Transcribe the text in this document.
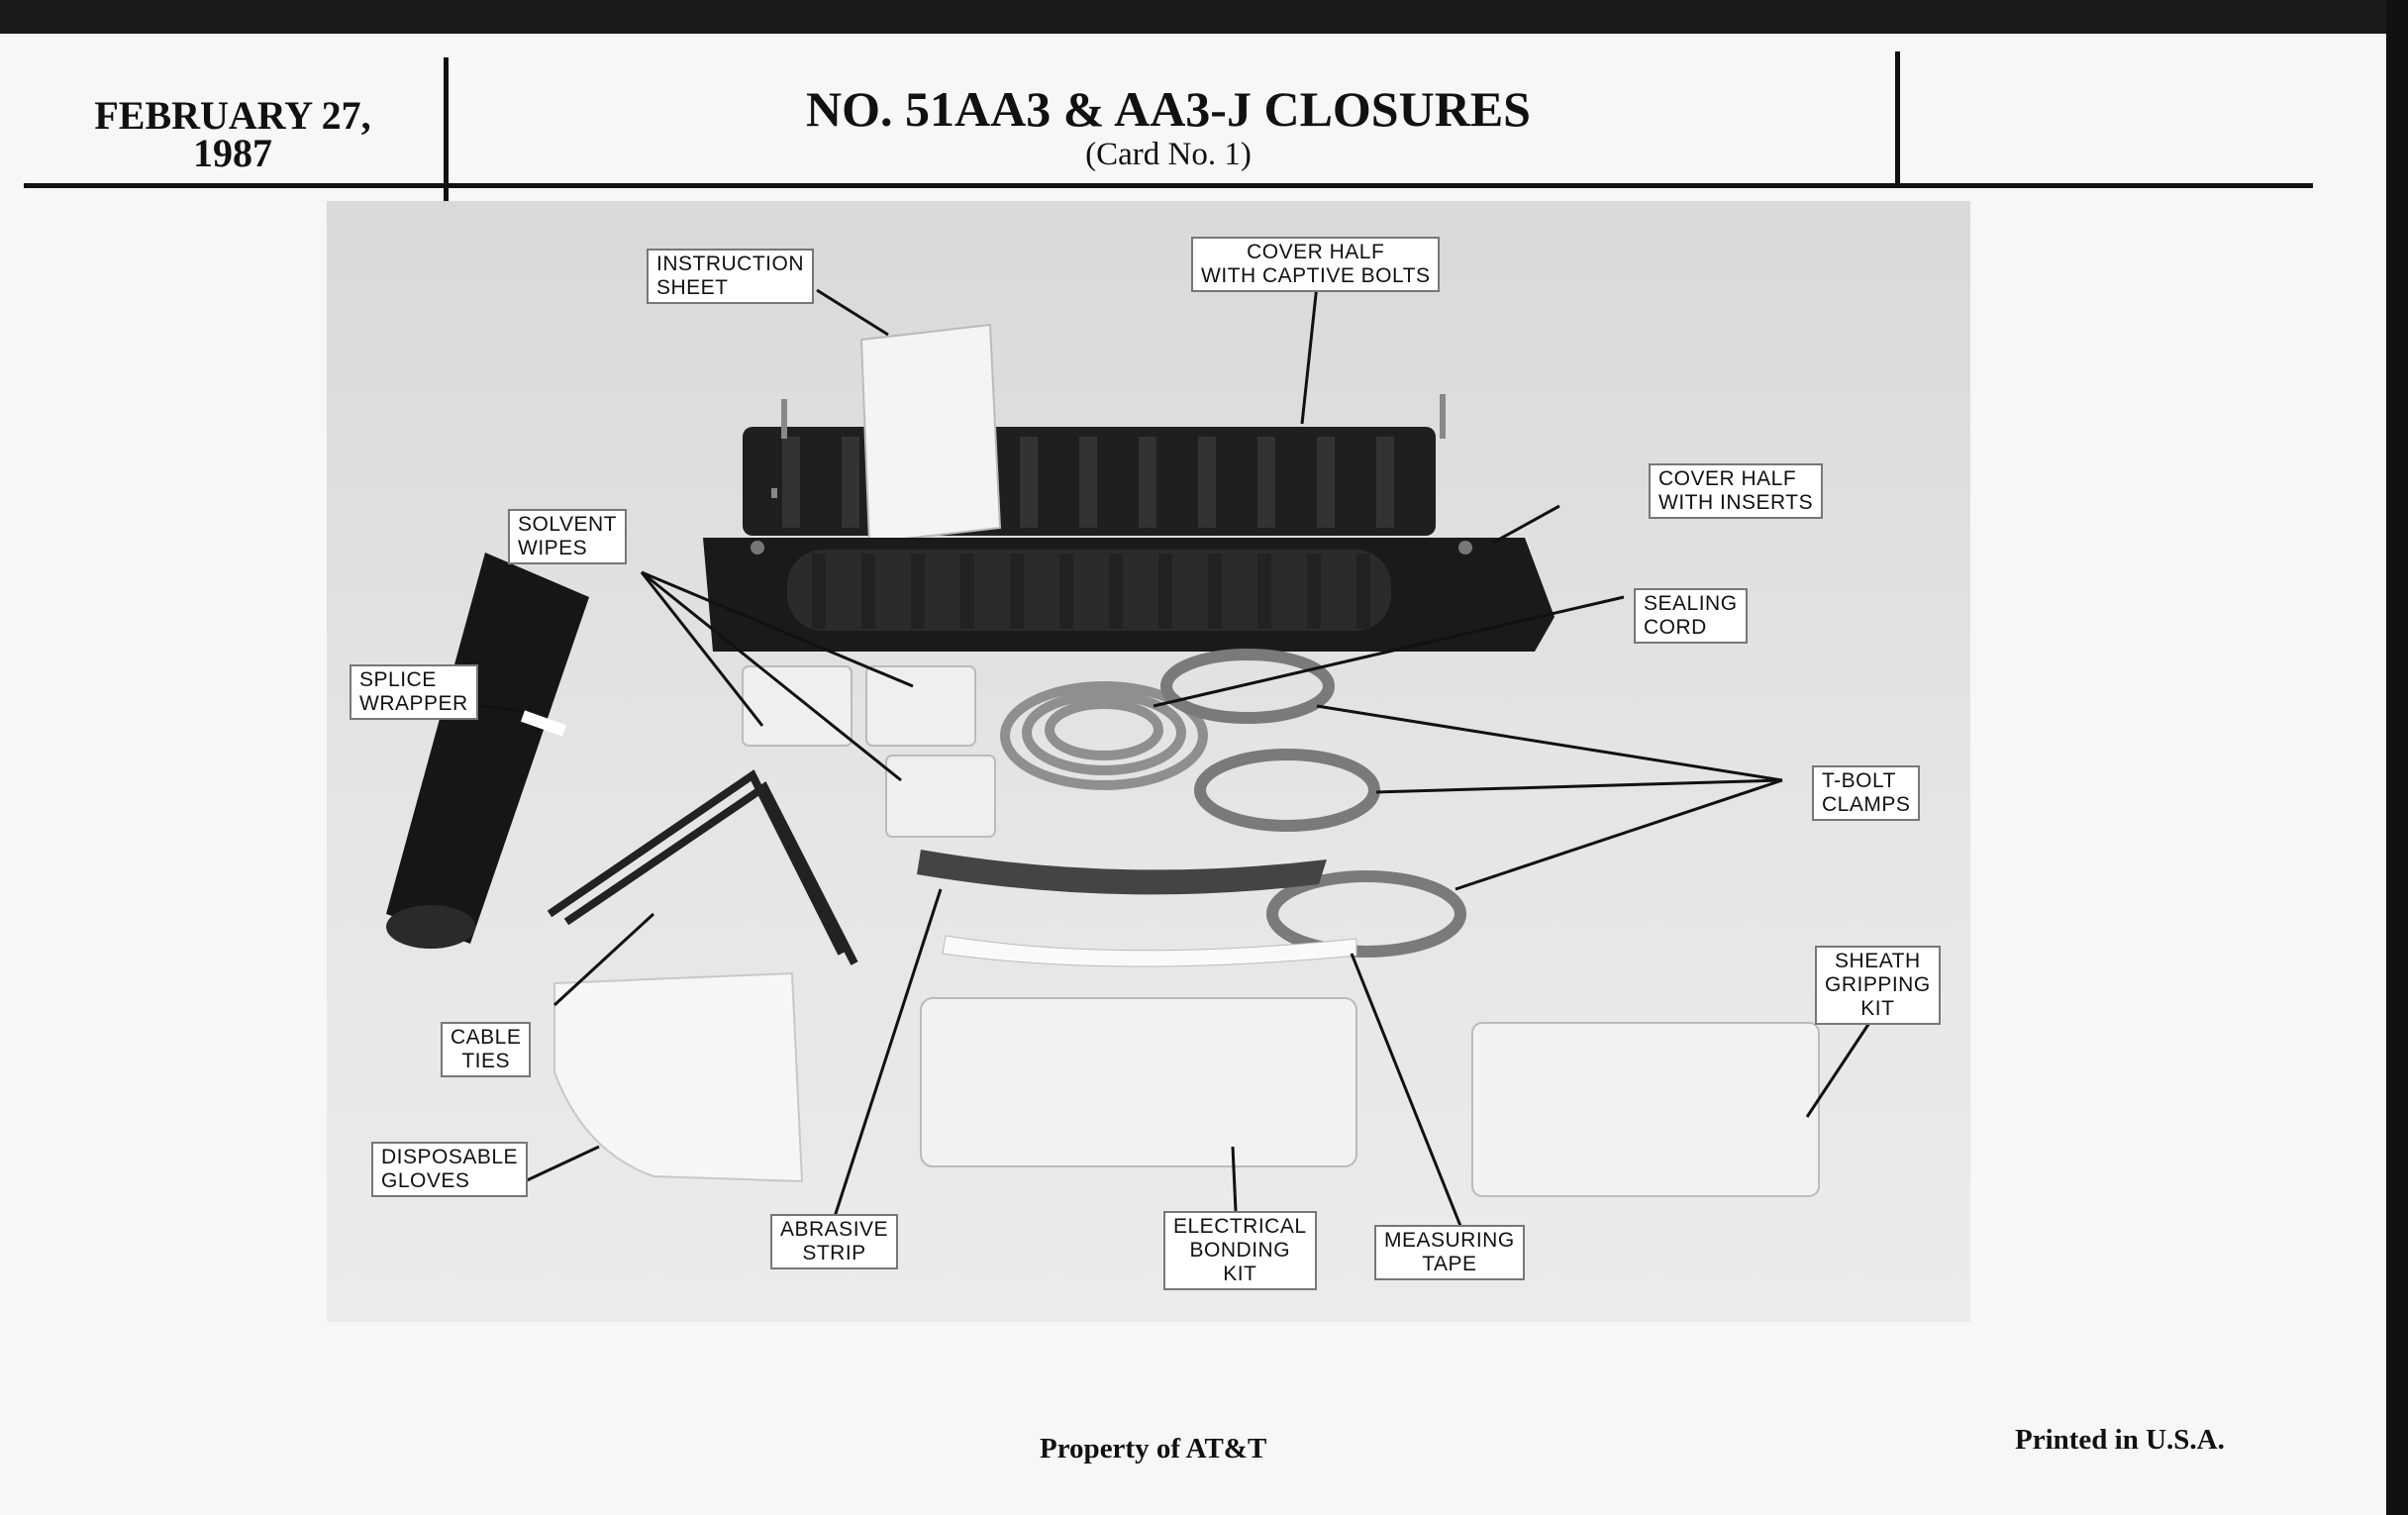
FEBRUARY 27,
1987
NO. 51AA3 & AA3-J CLOSURES
(Card No. 1)
INSTRUCTION
SHEET
COVER HALF
WITH CAPTIVE BOLTS
COVER HALF
WITH INSERTS
SOLVENT
WIPES
SEALING
CORD
SPLICE
WRAPPER
T-BOLT
CLAMPS
SHEATH
GRIPPING
KIT
CABLE
TIES
DISPOSABLE
GLOVES
ABRASIVE
STRIP
ELECTRICAL
BONDING
KIT
MEASURING
TAPE
Property of AT&T	Printed in U.S.A.
